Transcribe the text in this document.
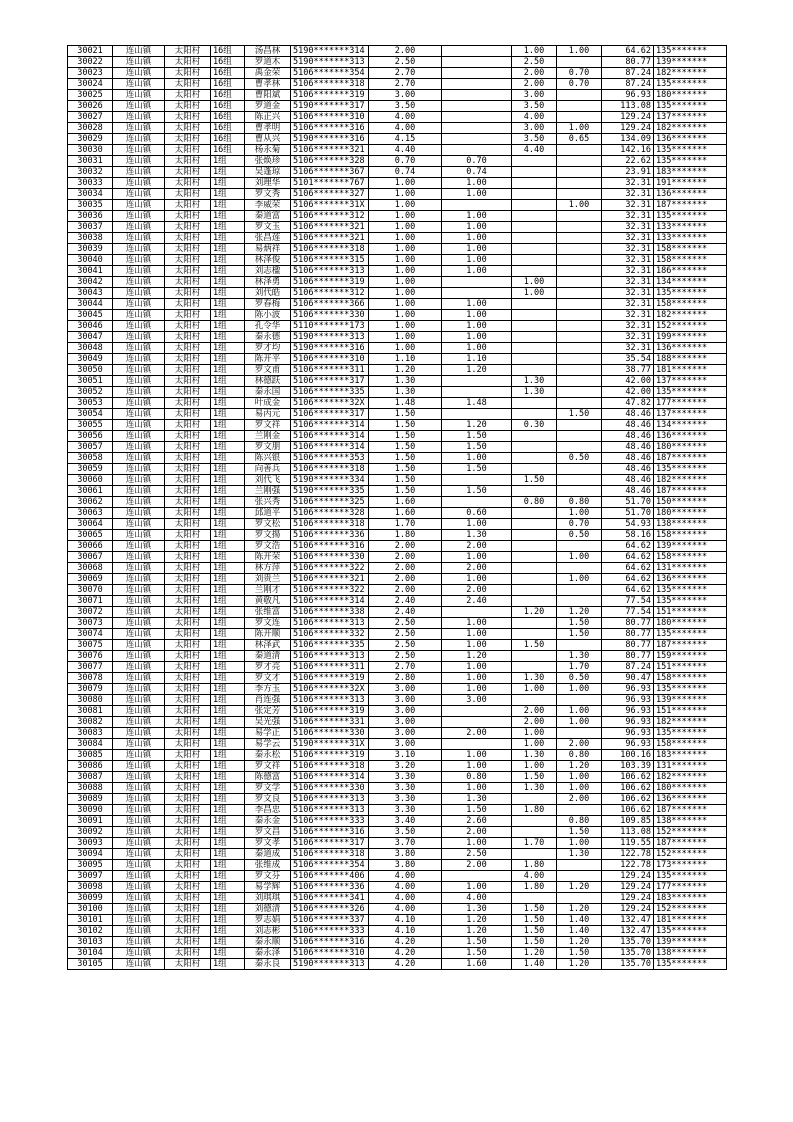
30021	连山镇	太阳村	16组	汤昌林	5190*******314	2.00		1.00	1.00	64.62	135*******
30022	连山镇	太阳村	16组	罗道木	5190*******313	2.50		2.50		80.77	139*******
30023	连山镇	太阳村	16组	禹金荣	5106*******354	2.70		2.00	0.70	87.24	182*******
30024	连山镇	太阳村	16组	曹孝林	5106*******318	2.70		2.00	0.70	87.24	135*******
30025	连山镇	太阳村	16组	曹阳斌	5106*******319	3.00		3.00		96.93	180*******
30026	连山镇	太阳村	16组	罗道金	5190*******317	3.50		3.50		113.08	135*******
30027	连山镇	太阳村	16组	陈正兴	5106*******310	4.00		4.00		129.24	137*******
30028	连山镇	太阳村	16组	曹孝明	5106*******316	4.00		3.00	1.00	129.24	182*******
30029	连山镇	太阳村	16组	曹从兴	5190*******316	4.15		3.50	0.65	134.09	136*******
30030	连山镇	太阳村	16组	杨永菊	5106*******321	4.40		4.40		142.16	135*******
30031	连山镇	太阳村	1组	张焕珍	5106*******328	0.70	0.70			22.62	135*******
30032	连山镇	太阳村	1组	吴蓬琼	5106*******367	0.74	0.74			23.91	183*******
30033	连山镇	太阳村	1组	刘理华	5101*******767	1.00	1.00			32.31	191*******
30034	连山镇	太阳村	1组	罗文秀	5106*******327	1.00	1.00			32.31	136*******
30035	连山镇	太阳村	1组	李威荣	5106*******31X	1.00			1.00	32.31	187*******
30036	连山镇	太阳村	1组	秦道富	5106*******312	1.00	1.00			32.31	135*******
30037	连山镇	太阳村	1组	罗文玉	5106*******321	1.00	1.00			32.31	133*******
30038	连山镇	太阳村	1组	张昌莲	5106*******321	1.00	1.00			32.31	133*******
30039	连山镇	太阳村	1组	易炳祥	5106*******318	1.00	1.00			32.31	158*******
30040	连山镇	太阳村	1组	林泽俊	5106*******315	1.00	1.00			32.31	158*******
30041	连山镇	太阳村	1组	刘志楹	5106*******313	1.00	1.00			32.31	186*******
30042	连山镇	太阳村	1组	林泽勇	5106*******319	1.00		1.00		32.31	134*******
30043	连山镇	太阳村	1组	刘代皓	5106*******312	1.00		1.00		32.31	135*******
30044	连山镇	太阳村	1组	罗春梅	5106*******366	1.00	1.00			32.31	158*******
30045	连山镇	太阳村	1组	陈小波	5106*******330	1.00	1.00			32.31	182*******
30046	连山镇	太阳村	1组	孔令华	5110*******173	1.00	1.00			32.31	152*******
30047	连山镇	太阳村	1组	秦永德	5190*******313	1.00	1.00			32.31	199*******
30048	连山镇	太阳村	1组	罗才均	5190*******316	1.00	1.00			32.31	136*******
30049	连山镇	太阳村	1组	陈开平	5106*******310	1.10	1.10			35.54	188*******
30050	连山镇	太阳村	1组	罗文甫	5106*******311	1.20	1.20			38.77	181*******
30051	连山镇	太阳村	1组	林德跃	5106*******317	1.30		1.30		42.00	137*******
30052	连山镇	太阳村	1组	秦永国	5106*******335	1.30		1.30		42.00	135*******
30053	连山镇	太阳村	1组	叶成金	5106*******32X	1.48	1.48			47.82	177*******
30054	连山镇	太阳村	1组	易丙元	5106*******317	1.50			1.50	48.46	137*******
30055	连山镇	太阳村	1组	罗文祥	5106*******314	1.50	1.20	0.30		48.46	134*******
30056	连山镇	太阳村	1组	兰刚金	5106*******314	1.50	1.50			48.46	136*******
30057	连山镇	太阳村	1组	罗文朋	5106*******314	1.50	1.50			48.46	180*******
30058	连山镇	太阳村	1组	陈兴银	5106*******353	1.50	1.00		0.50	48.46	187*******
30059	连山镇	太阳村	1组	向善兵	5106*******318	1.50	1.50			48.46	135*******
30060	连山镇	太阳村	1组	刘代飞	5190*******334	1.50		1.50		48.46	182*******
30061	连山镇	太阳村	1组	兰刚强	5190*******335	1.50	1.50			48.46	187*******
30062	连山镇	太阳村	1组	张兴秀	5106*******325	1.60		0.80	0.80	51.70	150*******
30063	连山镇	太阳村	1组	邱道平	5106*******328	1.60	0.60		1.00	51.70	180*******
30064	连山镇	太阳村	1组	罗文松	5106*******318	1.70	1.00		0.70	54.93	138*******
30065	连山镇	太阳村	1组	罗文揚	5106*******336	1.80	1.30		0.50	58.16	158*******
30066	连山镇	太阳村	1组	罗文浩	5106*******316	2.00	2.00			64.62	139*******
30067	连山镇	太阳村	1组	陈开荣	5106*******330	2.00	1.00		1.00	64.62	158*******
30068	连山镇	太阳村	1组	林方萍	5106*******322	2.00	2.00			64.62	131*******
30069	连山镇	太阳村	1组	刘贵兰	5106*******321	2.00	1.00		1.00	64.62	136*******
30070	连山镇	太阳村	1组	兰刚才	5106*******322	2.00	2.00			64.62	135*******
30071	连山镇	太阳村	1组	黄敬凡	5106*******314	2.40	2.40			77.54	135*******
30072	连山镇	太阳村	1组	张维富	5106*******338	2.40		1.20	1.20	77.54	151*******
30073	连山镇	太阳村	1组	罗文连	5106*******313	2.50	1.00		1.50	80.77	180*******
30074	连山镇	太阳村	1组	陈开顺	5106*******332	2.50	1.00		1.50	80.77	135*******
30075	连山镇	太阳村	1组	林泽武	5106*******335	2.50	1.00	1.50		80.77	187*******
30076	连山镇	太阳村	1组	秦道清	5106*******313	2.50	1.20		1.30	80.77	159*******
30077	连山镇	太阳村	1组	罗才亮	5106*******311	2.70	1.00		1.70	87.24	151*******
30078	连山镇	太阳村	1组	罗文才	5106*******319	2.80	1.00	1.30	0.50	90.47	158*******
30079	连山镇	太阳村	1组	李方玉	5106*******32X	3.00	1.00	1.00	1.00	96.93	135*******
30080	连山镇	太阳村	1组	肖连强	5106*******313	3.00	3.00			96.93	139*******
30081	连山镇	太阳村	1组	张定芳	5106*******319	3.00		2.00	1.00	96.93	151*******
30082	连山镇	太阳村	1组	吴光强	5106*******331	3.00		2.00	1.00	96.93	182*******
30083	连山镇	太阳村	1组	易学正	5106*******330	3.00	2.00	1.00		96.93	135*******
30084	连山镇	太阳村	1组	易学云	5190*******31X	3.00		1.00	2.00	96.93	158*******
30085	连山镇	太阳村	1组	秦永松	5106*******319	3.10	1.00	1.30	0.80	100.16	183*******
30086	连山镇	太阳村	1组	罗文祥	5106*******318	3.20	1.00	1.00	1.20	103.39	131*******
30087	连山镇	太阳村	1组	陈德富	5106*******314	3.30	0.80	1.50	1.00	106.62	182*******
30088	连山镇	太阳村	1组	罗文学	5106*******330	3.30	1.00	1.30	1.00	106.62	180*******
30089	连山镇	太阳村	1组	罗文良	5106*******313	3.30	1.30		2.00	106.62	136*******
30090	连山镇	太阳村	1组	李昌忠	5106*******313	3.30	1.50	1.80		106.62	187*******
30091	连山镇	太阳村	1组	秦永金	5106*******333	3.40	2.60		0.80	109.85	138*******
30092	连山镇	太阳村	1组	罗文昌	5106*******316	3.50	2.00		1.50	113.08	152*******
30093	连山镇	太阳村	1组	罗文孝	5106*******317	3.70	1.00	1.70	1.00	119.55	187*******
30094	连山镇	太阳村	1组	秦道成	5106*******318	3.80	2.50		1.30	122.78	152*******
30095	连山镇	太阳村	1组	张维成	5106*******354	3.80	2.00	1.80		122.78	173*******
30097	连山镇	太阳村	1组	罗文芬	5106*******406	4.00		4.00		129.24	135*******
30098	连山镇	太阳村	1组	易学辉	5106*******336	4.00	1.00	1.80	1.20	129.24	177*******
30099	连山镇	太阳村	1组	刘琪琪	5106*******341	4.00	4.00			129.24	183*******
30100	连山镇	太阳村	1组	刘德清	5106*******326	4.00	1.30	1.50	1.20	129.24	152*******
30101	连山镇	太阳村	1组	罗志娟	5106*******337	4.10	1.20	1.50	1.40	132.47	181*******
30102	连山镇	太阳村	1组	刘志彬	5106*******333	4.10	1.20	1.50	1.40	132.47	135*******
30103	连山镇	太阳村	1组	秦永顺	5106*******316	4.20	1.50	1.50	1.20	135.70	139*******
30104	连山镇	太阳村	1组	秦永泽	5106*******310	4.20	1.50	1.20	1.50	135.70	138*******
30105	连山镇	太阳村	1组	秦永良	5190*******313	4.20	1.60	1.40	1.20	135.70	135*******
